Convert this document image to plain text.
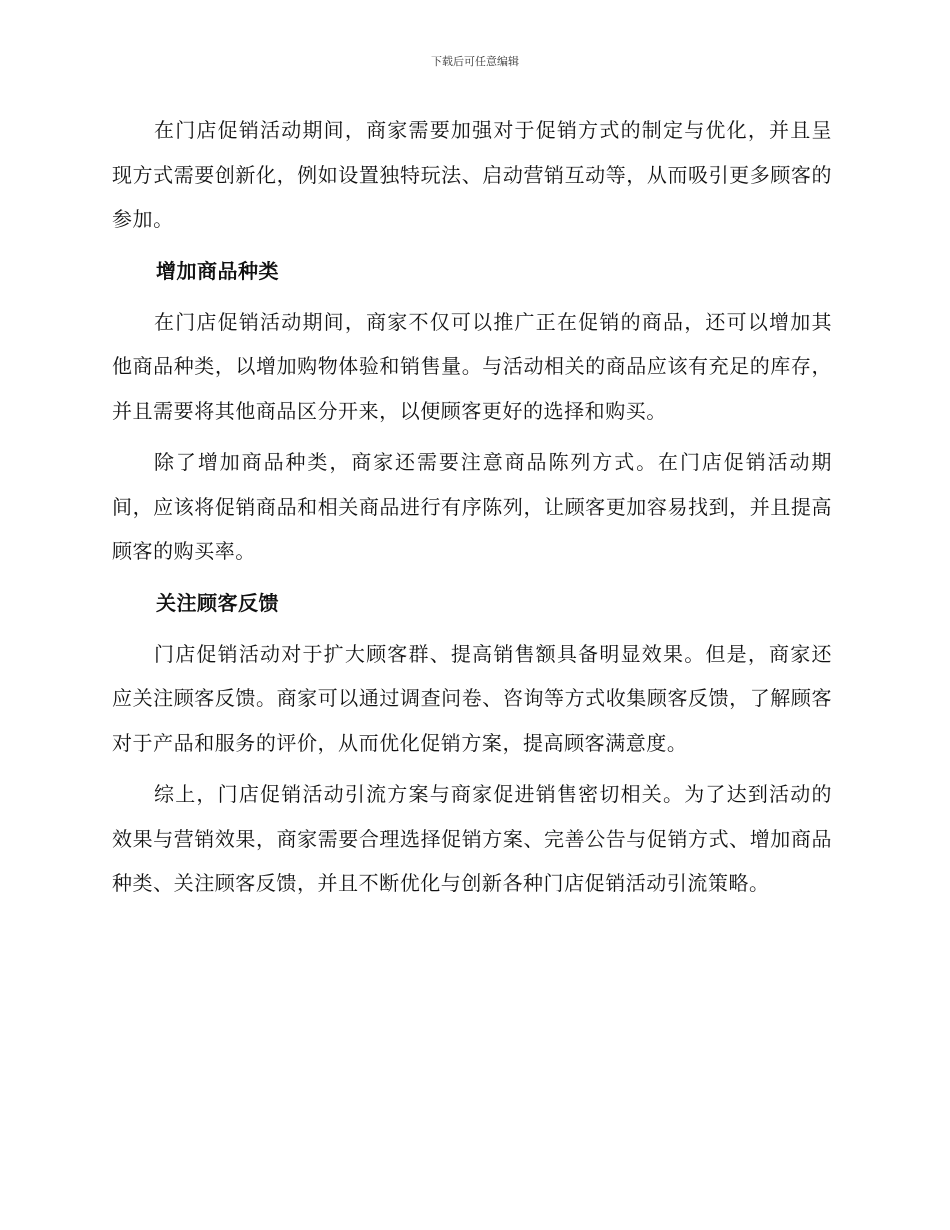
下载后可任意编辑

在门店促销活动期间，商家需要加强对于促销方式的制定与优化，并且呈现方式需要创新化，例如设置独特玩法、启动营销互动等，从而吸引更多顾客的参加。

增加商品种类

在门店促销活动期间，商家不仅可以推广正在促销的商品，还可以增加其他商品种类，以增加购物体验和销售量。与活动相关的商品应该有充足的库存，并且需要将其他商品区分开来，以便顾客更好的选择和购买。

除了增加商品种类，商家还需要注意商品陈列方式。在门店促销活动期间，应该将促销商品和相关商品进行有序陈列，让顾客更加容易找到，并且提高顾客的购买率。

关注顾客反馈

门店促销活动对于扩大顾客群、提高销售额具备明显效果。但是，商家还应关注顾客反馈。商家可以通过调查问卷、咨询等方式收集顾客反馈，了解顾客对于产品和服务的评价，从而优化促销方案，提高顾客满意度。

综上，门店促销活动引流方案与商家促进销售密切相关。为了达到活动的效果与营销效果，商家需要合理选择促销方案、完善公告与促销方式、增加商品种类、关注顾客反馈，并且不断优化与创新各种门店促销活动引流策略。
